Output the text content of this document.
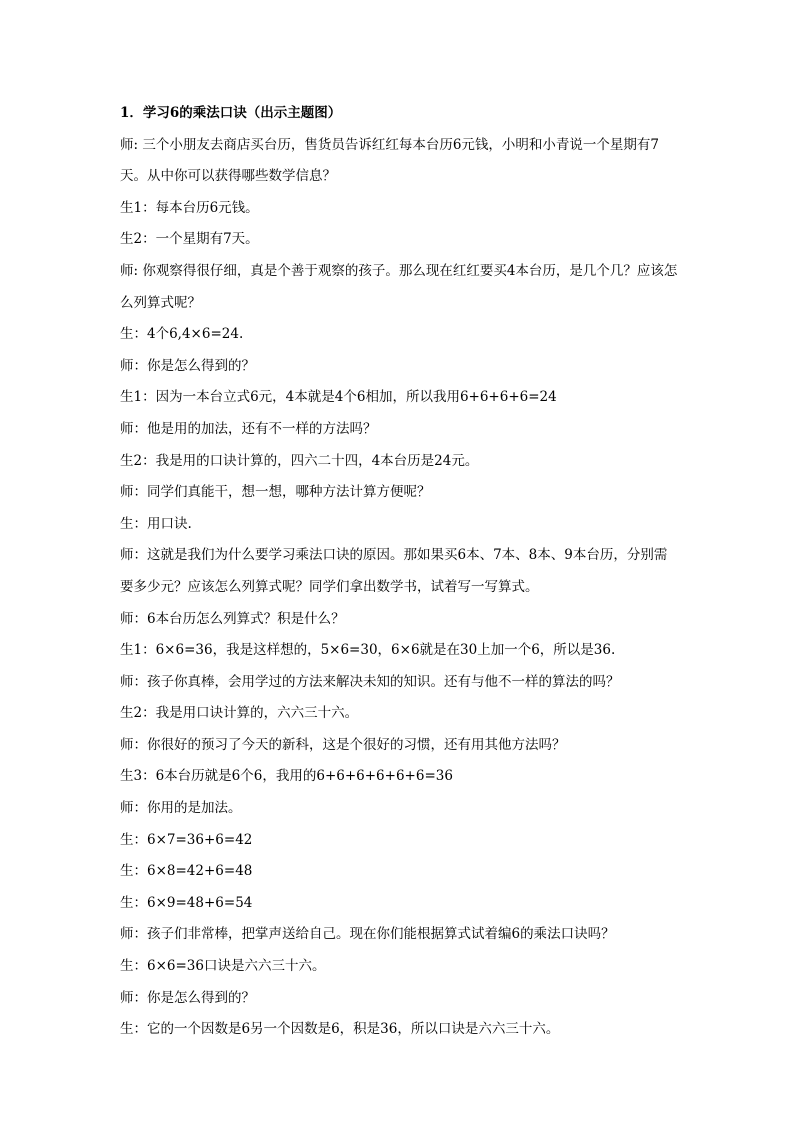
1．学习6的乘法口诀（出示主题图）

师: 三个小朋友去商店买台历，售货员告诉红红每本台历6元钱，小明和小青说一个星期有7天。从中你可以获得哪些数学信息？

生1：每本台历6元钱。

生2：一个星期有7天。

师: 你观察得很仔细，真是个善于观察的孩子。那么现在红红要买4本台历，是几个几？应该怎么列算式呢？

生：4个6,4×6=24.

师：你是怎么得到的？

生1：因为一本台立式6元，4本就是4个6相加，所以我用6+6+6+6=24

师：他是用的加法，还有不一样的方法吗？

生2：我是用的口诀计算的，四六二十四，4本台历是24元。

师：同学们真能干，想一想，哪种方法计算方便呢？

生：用口诀.

师：这就是我们为什么要学习乘法口诀的原因。那如果买6本、7本、8本、9本台历，分别需要多少元？应该怎么列算式呢？同学们拿出数学书，试着写一写算式。

师：6本台历怎么列算式？积是什么？

生1：6×6=36，我是这样想的，5×6=30，6×6就是在30上加一个6，所以是36.

师：孩子你真棒，会用学过的方法来解决未知的知识。还有与他不一样的算法的吗？

生2：我是用口诀计算的，六六三十六。

师：你很好的预习了今天的新科，这是个很好的习惯，还有用其他方法吗？

生3：6本台历就是6个6，我用的6+6+6+6+6+6=36

师：你用的是加法。

生：6×7=36+6=42

生：6×8=42+6=48

生：6×9=48+6=54

师：孩子们非常棒，把掌声送给自己。现在你们能根据算式试着编6的乘法口诀吗？

生：6×6=36口诀是六六三十六。

师：你是怎么得到的？

生：它的一个因数是6另一个因数是6，积是36，所以口诀是六六三十六。
